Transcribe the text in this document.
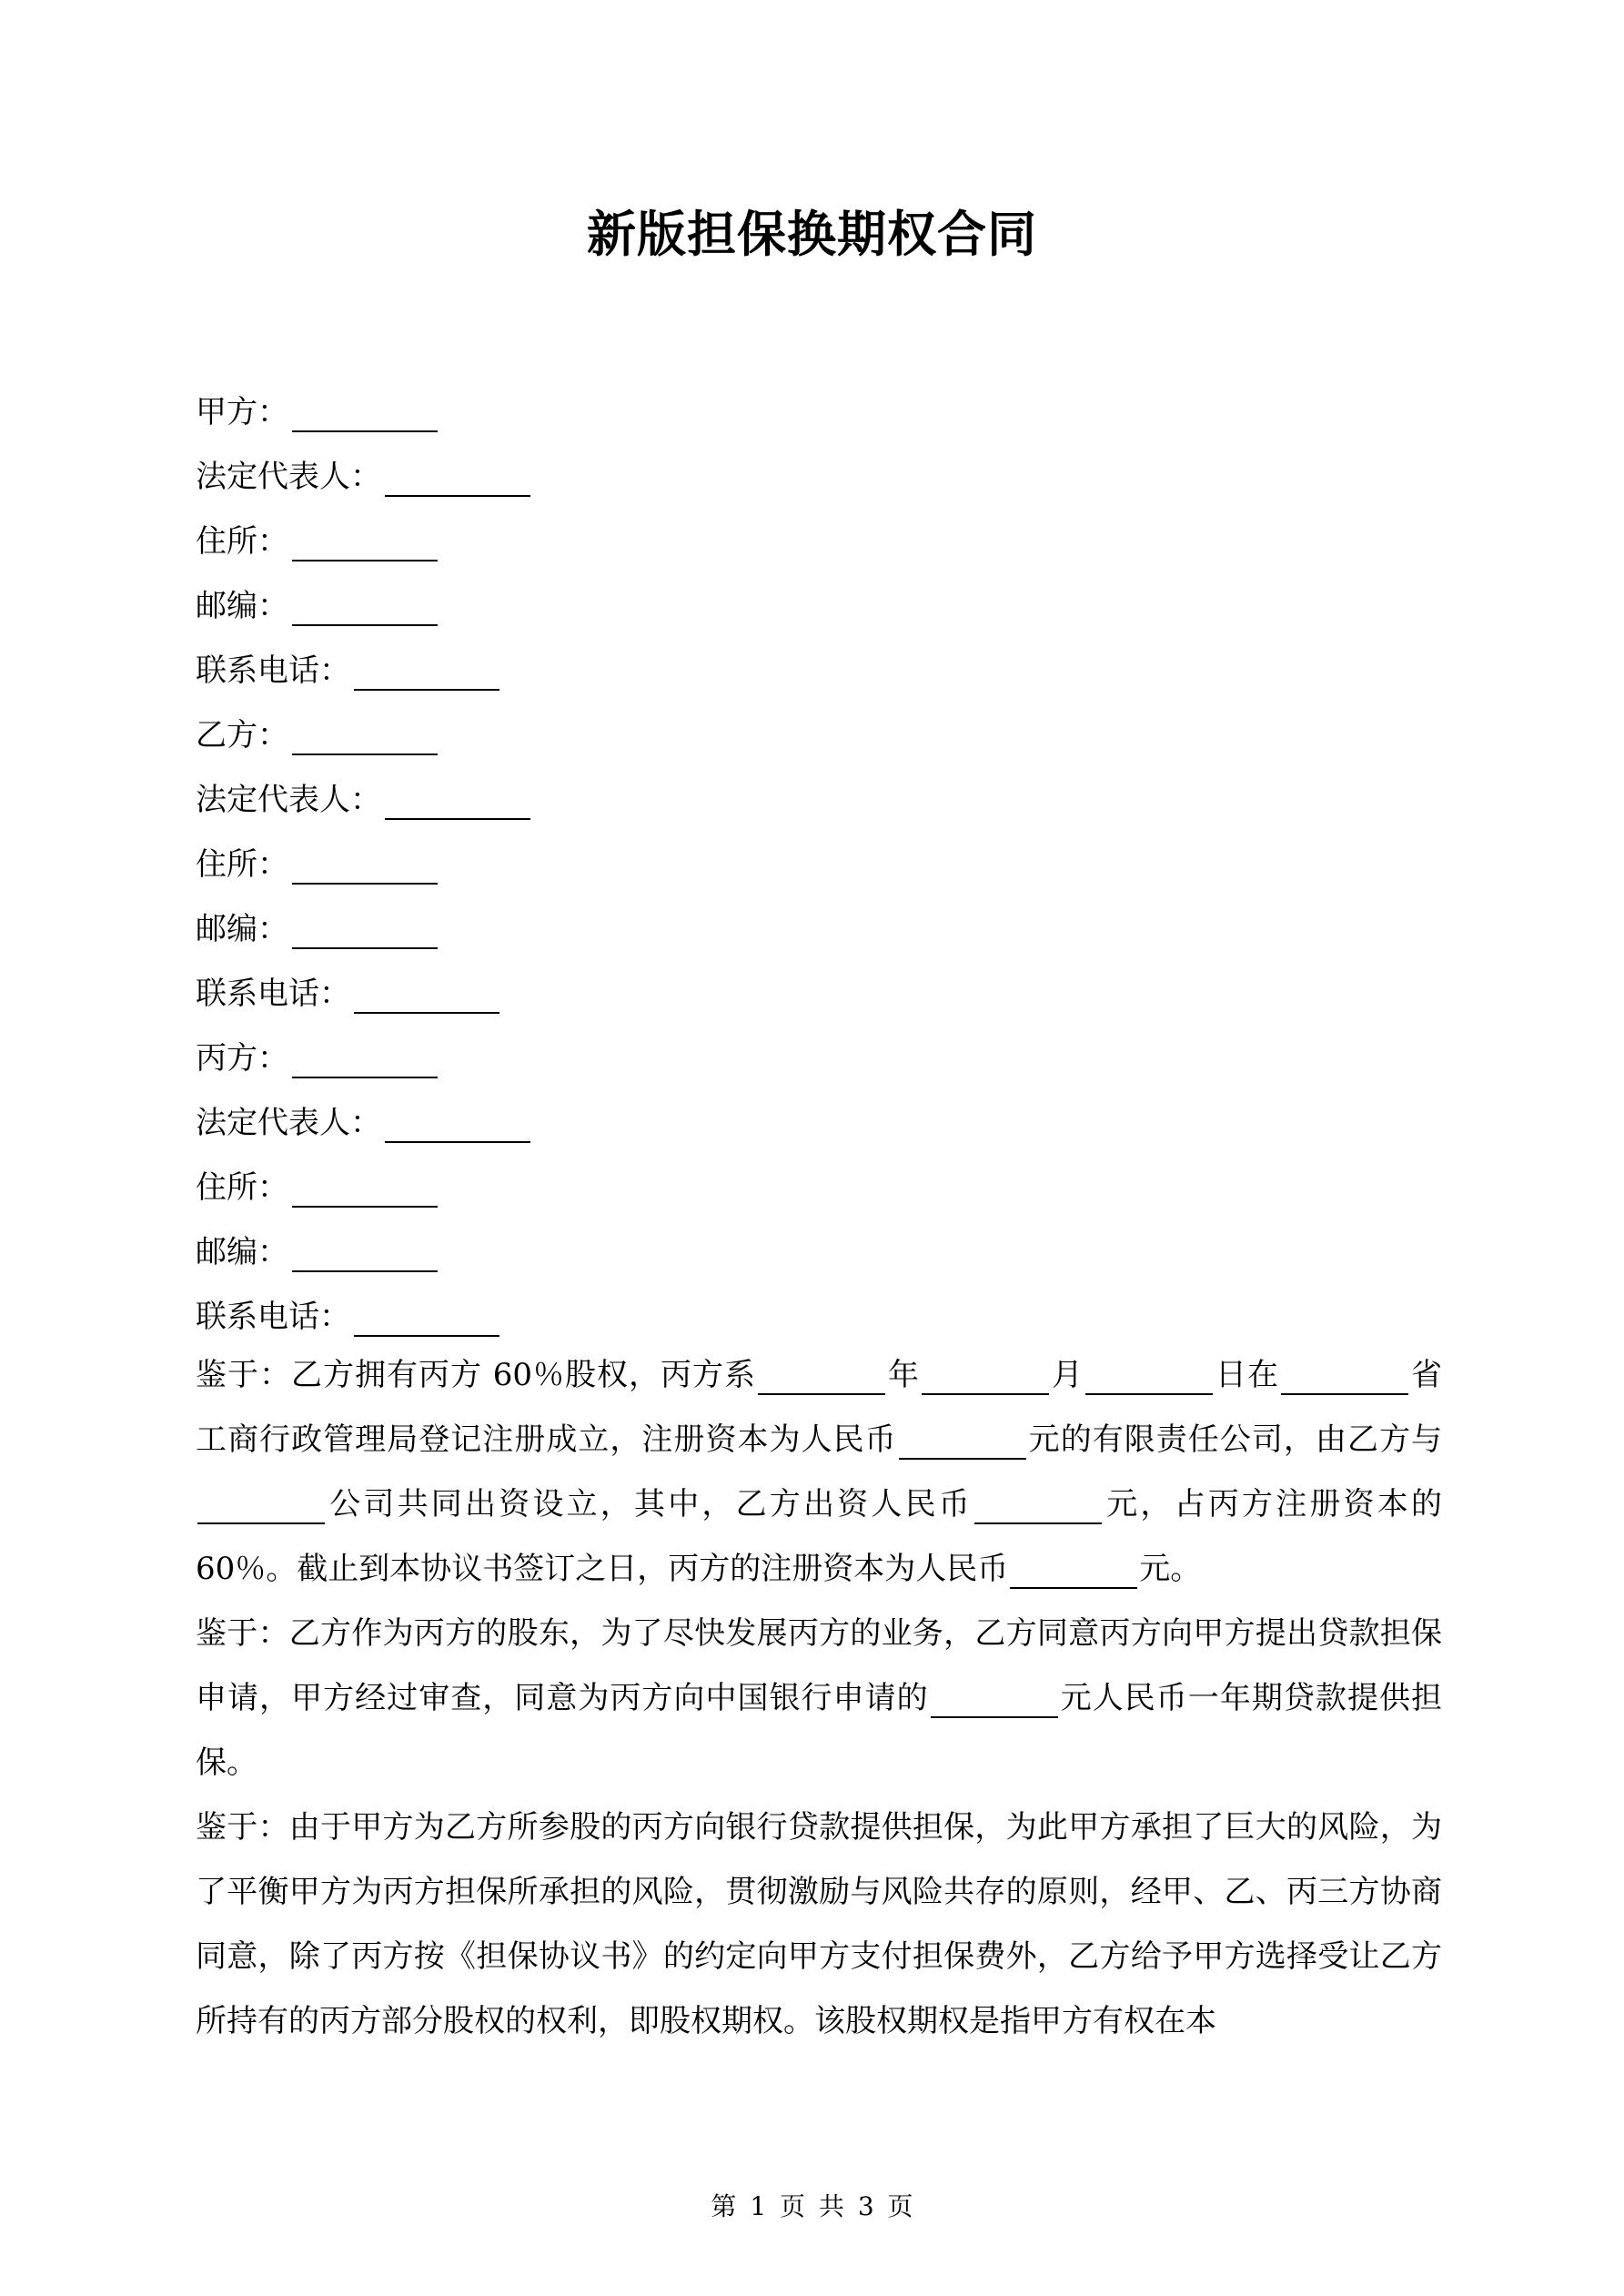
新版担保换期权合同
甲方：
法定代表人：
住所：
邮编：
联系电话：
乙方：
法定代表人：
住所：
邮编：
联系电话：
丙方：
法定代表人：
住所：
邮编：
联系电话：

鉴于：乙方拥有丙方 60％股权，丙方系	年	月	日在	省工商行政管理局登记注册成立，注册资本为人民币	元的有限责任公司，由乙方与公司共同出资设立，其中，乙方出资人民币	元，占丙方注册资本的 60％。截止到本协议书签订之日，丙方的注册资本为人民币	元。

鉴于：乙方作为丙方的股东，为了尽快发展丙方的业务，乙方同意丙方向甲方提出贷款担保申请，甲方经过审查，同意为丙方向中国银行申请的	元人民币一年期贷款提供担保。

鉴于：由于甲方为乙方所参股的丙方向银行贷款提供担保，为此甲方承担了巨大的风险，为了平衡甲方为丙方担保所承担的风险，贯彻激励与风险共存的原则，经甲、乙、丙三方协商同意，除了丙方按《担保协议书》的约定向甲方支付担保费外，乙方给予甲方选择受让乙方所持有的丙方部分股权的权利，即股权期权。该股权期权是指甲方有权在本

第 1 页 共 3 页
